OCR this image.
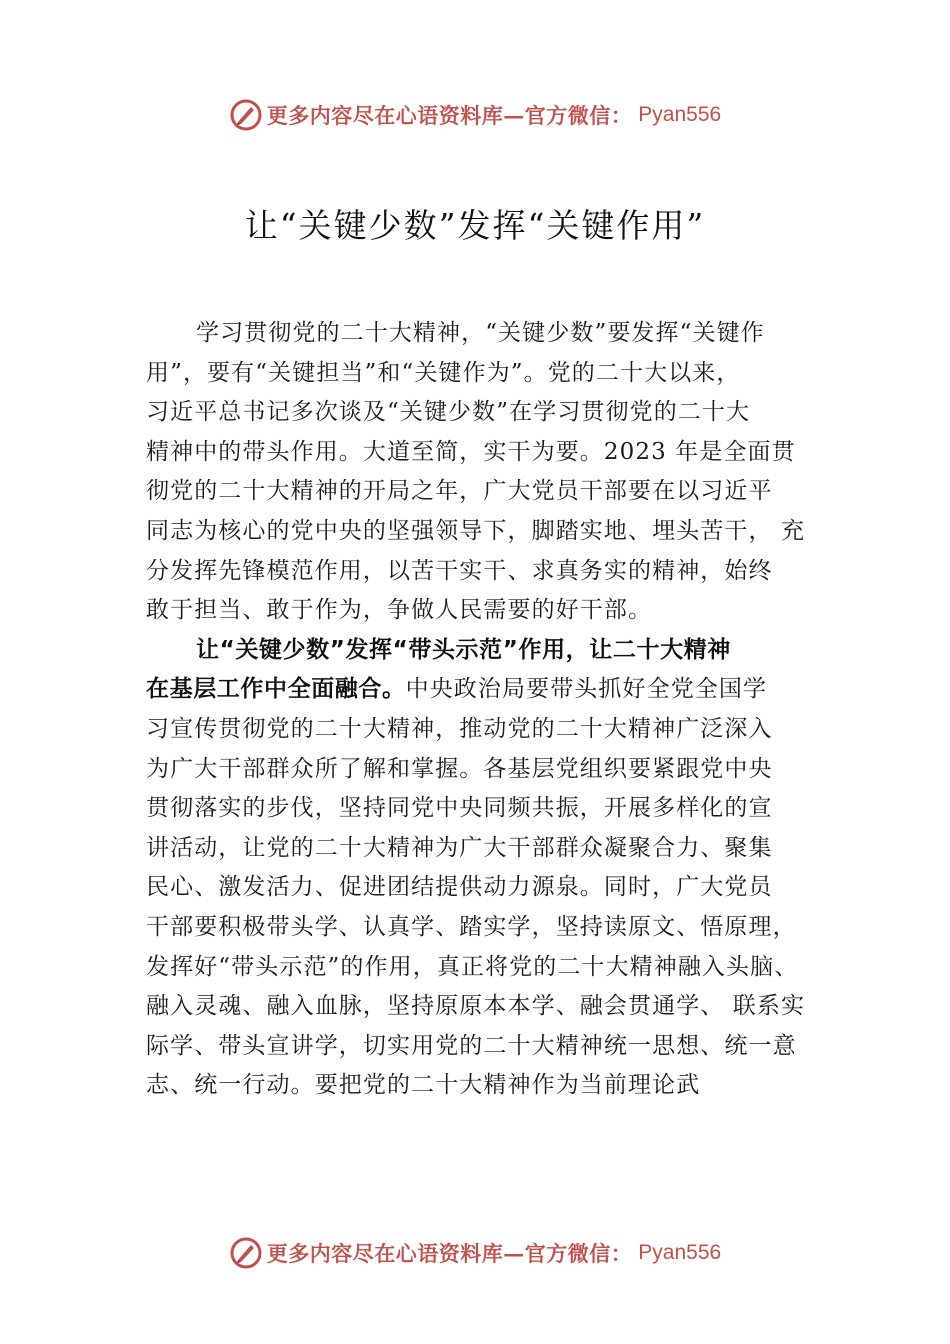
更多内容尽在心语资料库—官方微信： Pyan556
让“关键少数”发挥“关键作用”
学习贯彻党的二十大精神，“关键少数”要发挥“关键作
用”，要有“关键担当”和“关键作为”。党的二十大以来，
习近平总书记多次谈及“关键少数”在学习贯彻党的二十大
精神中的带头作用。大道至简，实干为要。2023 年是全面贯
彻党的二十大精神的开局之年，广大党员干部要在以习近平
同志为核心的党中央的坚强领导下，脚踏实地、埋头苦干， 充
分发挥先锋模范作用，以苦干实干、求真务实的精神，始终
敢于担当、敢于作为，争做人民需要的好干部。
让“关键少数”发挥“带头示范”作用，让二十大精神
在基层工作中全面融合。中央政治局要带头抓好全党全国学
习宣传贯彻党的二十大精神，推动党的二十大精神广泛深入
为广大干部群众所了解和掌握。各基层党组织要紧跟党中央
贯彻落实的步伐，坚持同党中央同频共振，开展多样化的宣
讲活动，让党的二十大精神为广大干部群众凝聚合力、聚集
民心、激发活力、促进团结提供动力源泉。同时，广大党员
干部要积极带头学、认真学、踏实学，坚持读原文、悟原理，
发挥好“带头示范”的作用，真正将党的二十大精神融入头脑、
融入灵魂、融入血脉，坚持原原本本学、融会贯通学、 联系实
际学、带头宣讲学，切实用党的二十大精神统一思想、统一意
志、统一行动。要把党的二十大精神作为当前理论武
更多内容尽在心语资料库—官方微信： Pyan556
